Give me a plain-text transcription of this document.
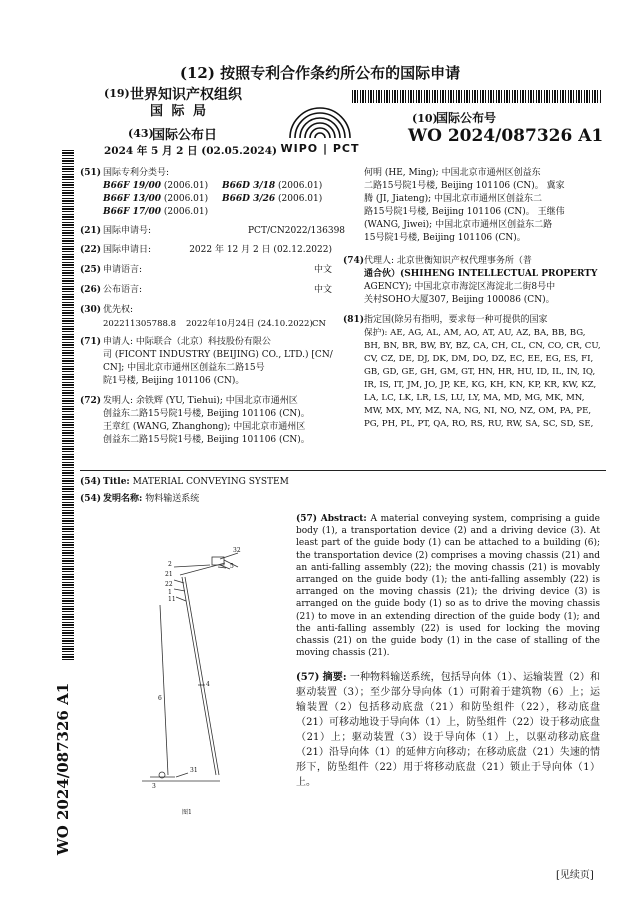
(12) 按照专利合作条约所公布的国际申请
(19) 世界知识产权组织
国 际 局
(43)
国际公布日
2024 年 5 月 2 日 (02.05.2024) WIPO | PCT
(10)
国际公布号
WO 2024/087326 A1
(51) 国际专利分类号:
B66F 19/00 (2006.01) B66D 3/18 (2006.01)
B66F 13/00 (2006.01) B66D 3/26 (2006.01)
B66F 17/00 (2006.01)
(21) 国际申请号:	PCT/CN2022/136398
(22) 国际申请日:	2022 年 12 月 2 日 (02.12.2022)
(25) 申请语言:	中文
(26) 公布语言:	中文
(30) 优先权:
202211305788.8 2022年10月24日 (24.10.2022) CN
(71) 申请人: 中际联合（北京）科技股份有限公
司 (FICONT INDUSTRY (BEIJING) CO., LTD.) [CN/
CN]; 中国北京市通州区创益东二路15号
院1号楼, Beijing 101106 (CN)。
(72) 发明人: 余铁辉 (YU, Tiehui); 中国北京市通州区
创益东二路15号院1号楼, Beijing 101106 (CN)。
王章红 (WANG, Zhanghong); 中国北京市通州区
创益东二路15号院1号楼, Beijing 101106 (CN)。
何明 (HE, Ming); 中国北京市通州区创益东
二路15号院1号楼, Beijing 101106 (CN)。 冀家
腾 (JI, Jiateng); 中国北京市通州区创益东二
路15号院1号楼, Beijing 101106 (CN)。 王继伟
(WANG, Jiwei); 中国北京市通州区创益东二路
15号院1号楼, Beijing 101106 (CN)。
(74) 代理人: 北京世衡知识产权代理事务所（普
通合伙）(SHIHENG INTELLECTUAL PROPERTY
AGENCY); 中国北京市海淀区海淀北二街8号中
关村SOHO大厦307, Beijing 100086 (CN)。
(81) 指定国(除另有指明，要求每一种可提供的国家
保护): AE, AG, AL, AM, AO, AT, AU, AZ, BA, BB, BG,
BH, BN, BR, BW, BY, BZ, CA, CH, CL, CN, CO, CR, CU,
CV, CZ, DE, DJ, DK, DM, DO, DZ, EC, EE, EG, ES, FI,
GB, GD, GE, GH, GM, GT, HN, HR, HU, ID, IL, IN, IQ,
IR, IS, IT, JM, JO, JP, KE, KG, KH, KN, KP, KR, KW, KZ,
LA, LC, LK, LR, LS, LU, LY, MA, MD, MG, MK, MN,
MW, MX, MY, MZ, NA, NG, NI, NO, NZ, OM, PA, PE,
PG, PH, PL, PT, QA, RO, RS, RU, RW, SA, SC, SD, SE,
WO 2024/087326 A1
(54) Title: MATERIAL CONVEYING SYSTEM
(54) 发明名称: 物料输送系统
32
5
2
21
22
1
11
4
6
31
3
图1
(57) Abstract: A material conveying system, comprising a guide body (1), a transportation device (2) and a driving device (3). At least part of the guide body (1) can be attached to a building (6); the transportation device (2) comprises a moving chassis (21) and an anti-falling assembly (22); the moving chassis (21) is movably arranged on the guide body (1); the anti-falling assembly (22) is arranged on the moving chassis (21); the driving device (3) is arranged on the guide body (1) so as to drive the moving chassis (21) to move in an extending direction of the guide body (1); and the anti-falling assembly (22) is used for locking the moving chassis (21) on the guide body (1) in the case of stalling of the moving chassis (21).
(57) 摘要: 一种物料输送系统，包括导向体（1）、运输装置（2）和驱动装置（3）；至少部分导向体（1）可附着于建筑物（6）上；运输装置（2）包括移动底盘（21）和防坠组件（22），移动底盘（21）可移动地设于导向体（1）上，防坠组件（22）设于移动底盘（21）上；驱动装置（3）设于导向体（1）上，以驱动移动底盘（21）沿导向体（1）的延伸方向移动；在移动底盘（21）失速的情形下，防坠组件（22）用于将移动底盘（21）锁止于导向体（1）上。
[见续页]
